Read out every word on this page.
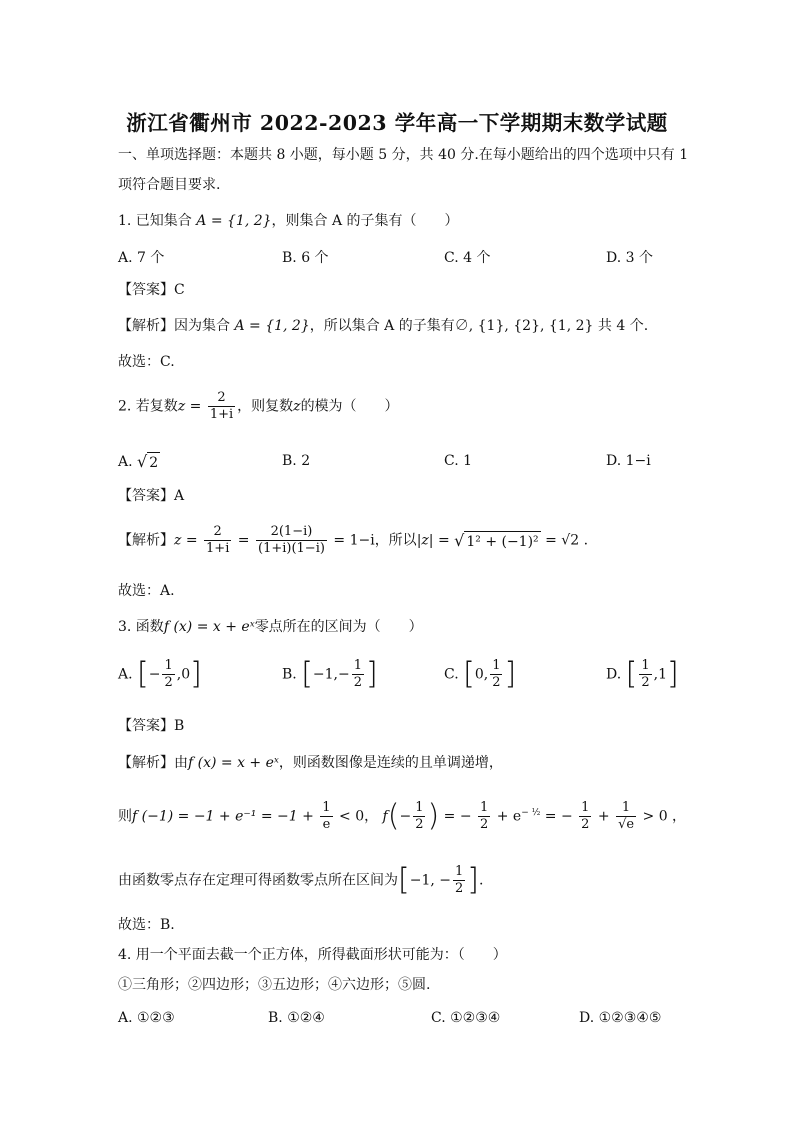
浙江省衢州市 2022-2023 学年高一下学期期末数学试题
一、单项选择题：本题共 8 小题，每小题 5 分，共 40 分.在每小题给出的四个选项中只有 1
项符合题目要求.
1. 已知集合 A = {1, 2}，则集合 A 的子集有（　　）
A. 7 个	B. 6 个	C. 4 个	D. 3 个
【答案】C
【解析】因为集合 A = {1, 2}，所以集合 A 的子集有∅, {1}, {2}, {1, 2} 共 4 个.
故选：C.
2. 若复数$z = \frac{2}{1+i}$ ，则复数z的模为（　　）
A. √ 2	B. 2	C. 1	D. 1−i
【答案】A
【解析】$z = \frac{2}{1+i} = \frac{2(1-i)}{(1+i)(1-i)} = 1-i$，所以|z| = √ 1² + (−1)² = √2 .
故选：A.
3. 函数f (x) = x + eˣ零点所在的区间为（　　）
A. [− $\frac{1}{2} ,0$]	B. [$-1,- \frac{1}{2}$ ]	C. [0, $\frac{1}{2}$ ]	D. [ $\frac{1}{2} ,1$]
【答案】B
【解析】由f (x) = x + eˣ，则函数图像是连续的且单调递增，
则f $(-1) = -1 + e^{-1} = -1 + \frac{1}{e} < 0$， $f(- \frac{1}{2}$ ) = − $\frac{1}{2} + e^{- \frac{1}{2}}$ = − $\frac{1}{2} + \frac{1}{√e} > 0$ ，
由函数零点存在定理可得函数零点所在区间为[−1, − $\frac{1}{2}$ ].
故选：B.
4. 用一个平面去截一个正方体，所得截面形状可能为：（　　）
①三角形；②四边形；③五边形；④六边形；⑤圆.
A. ①②③	B. ①②④	C. ①②③④	D. ①②③④⑤
